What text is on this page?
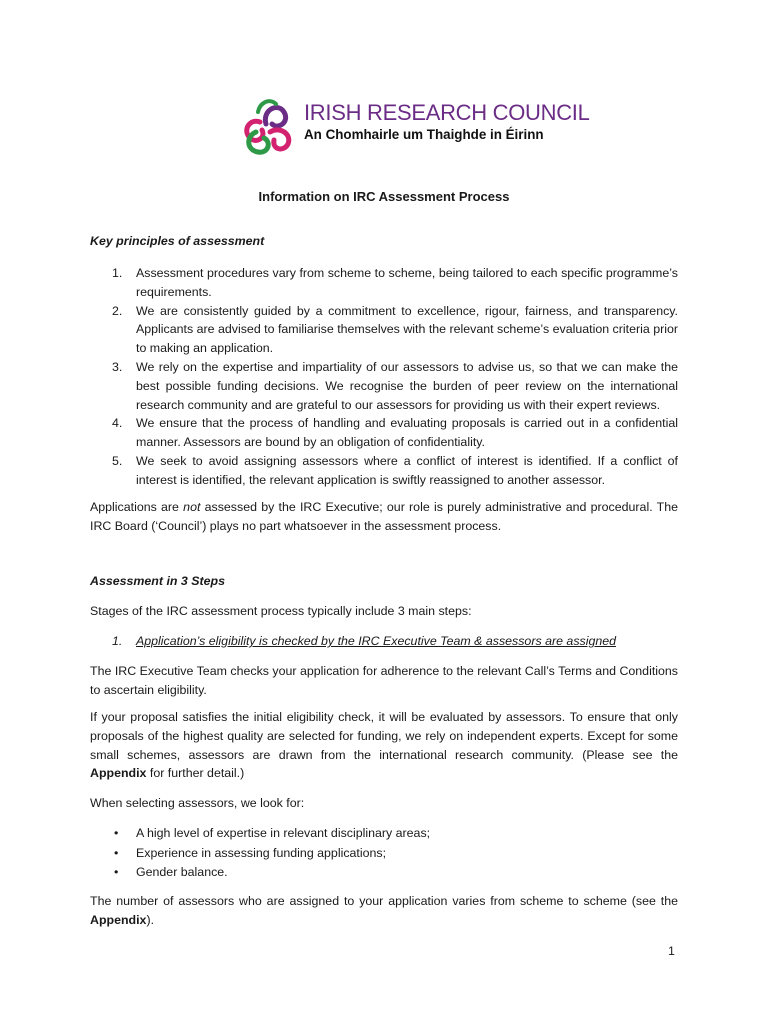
IRISH RESEARCH COUNCIL
An Chomhairle um Thaighde in Éirinn
Information on IRC Assessment Process

Key principles of assessment

1. Assessment procedures vary from scheme to scheme, being tailored to each specific programme’s requirements.
2. We are consistently guided by a commitment to excellence, rigour, fairness, and transparency. Applicants are advised to familiarise themselves with the relevant scheme’s evaluation criteria prior to making an application.
3. We rely on the expertise and impartiality of our assessors to advise us, so that we can make the best possible funding decisions. We recognise the burden of peer review on the international research community and are grateful to our assessors for providing us with their expert reviews.
4. We ensure that the process of handling and evaluating proposals is carried out in a confidential manner. Assessors are bound by an obligation of confidentiality.
5. We seek to avoid assigning assessors where a conflict of interest is identified. If a conflict of interest is identified, the relevant application is swiftly reassigned to another assessor.

Applications are not assessed by the IRC Executive; our role is purely administrative and procedural. The IRC Board (‘Council’) plays no part whatsoever in the assessment process.

Assessment in 3 Steps

Stages of the IRC assessment process typically include 3 main steps:

1. Application’s eligibility is checked by the IRC Executive Team & assessors are assigned

The IRC Executive Team checks your application for adherence to the relevant Call’s Terms and Conditions to ascertain eligibility.

If your proposal satisfies the initial eligibility check, it will be evaluated by assessors. To ensure that only proposals of the highest quality are selected for funding, we rely on independent experts. Except for some small schemes, assessors are drawn from the international research community. (Please see the Appendix for further detail.)

When selecting assessors, we look for:

• A high level of expertise in relevant disciplinary areas;
• Experience in assessing funding applications;
• Gender balance.

The number of assessors who are assigned to your application varies from scheme to scheme (see the Appendix).

1
